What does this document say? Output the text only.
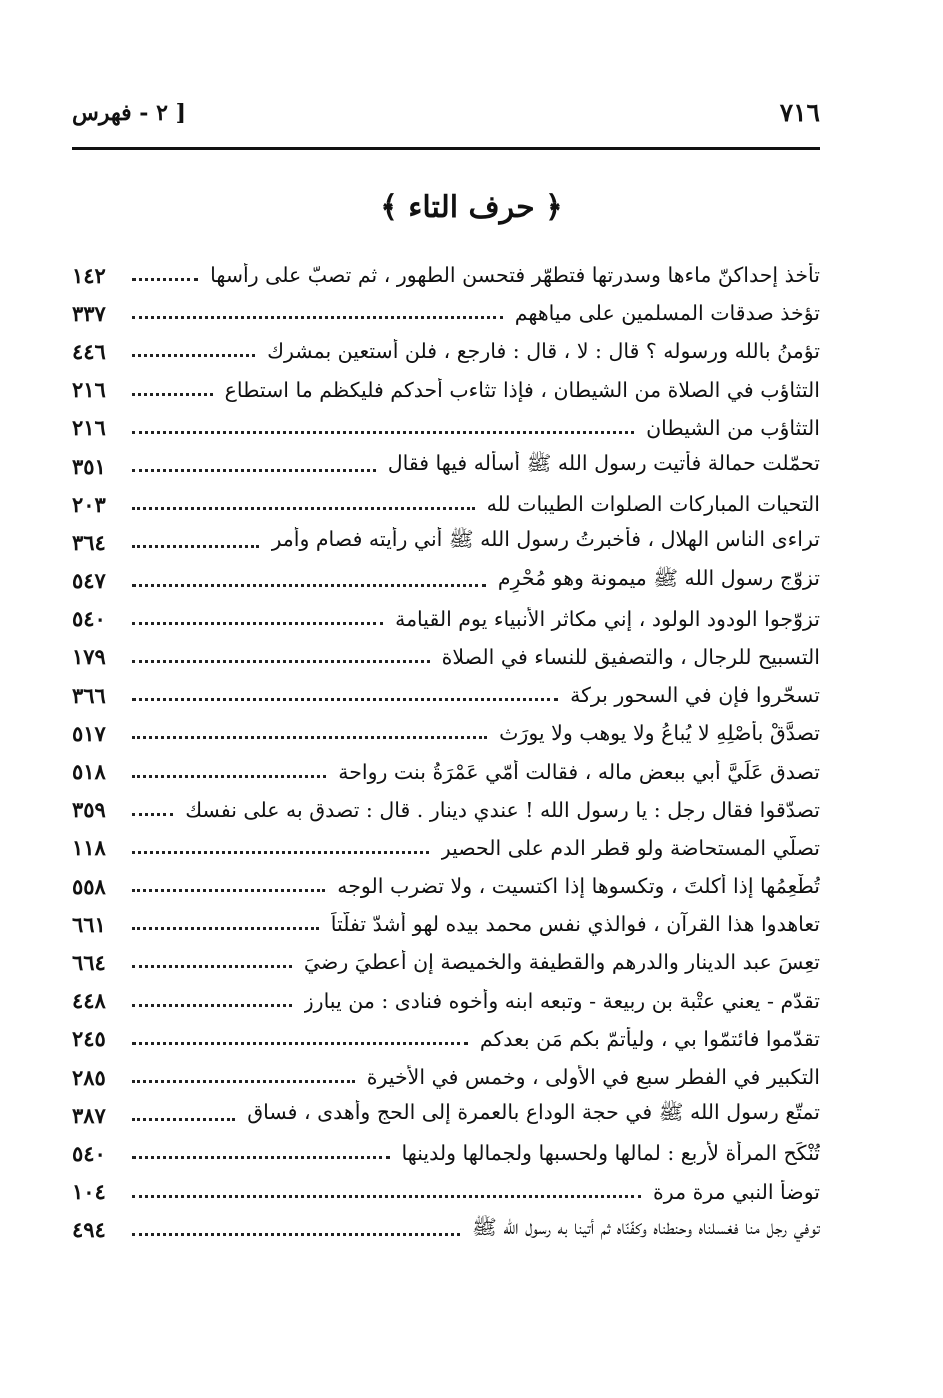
٧١٦
[ ٢ - فهرس
﴿ حرف التاء ﴾
تأخذ إحداكنّ ماءها وسدرتها فتطهّر فتحسن الطهور ، ثم تصبّ على رأسها
١٤٢
تؤخذ صدقات المسلمين على مياههم
٣٣٧
تؤمنُ بالله ورسوله ؟ قال : لا ، قال : فارجع ، فلن أستعين بمشرك
٤٤٦
التثاؤب في الصلاة من الشيطان ، فإذا تثاءب أحدكم فليكظم ما استطاع
٢١٦
التثاؤب من الشيطان
٢١٦
تحمّلت حمالة فأتيت رسول الله ﷺ أسأله فيها فقال
٣٥١
التحيات المباركات الصلوات الطيبات لله
٢٠٣
تراءى الناس الهلال ، فأخبرتُ رسول الله ﷺ أني رأيته فصام وأمر
٣٦٤
تزوّج رسول الله ﷺ ميمونة وهو مُحْرِم
٥٤٧
تزوّجوا الودود الولود ، إني مكاثر الأنبياء يوم القيامة
٥٤٠
التسبيح للرجال ، والتصفيق للنساء في الصلاة
١٧٩
تسحّروا فإن في السحور بركة
٣٦٦
تصدَّقْ بأَصْلِهِ لا يُباعُ ولا يوهب ولا يورَث
٥١٧
تصدق عَلَيَّ أبي ببعض ماله ، فقالت أمّي عَمْرَةُ بنت رواحة
٥١٨
تصدّقوا فقال رجل : يا رسول الله ! عندي دينار . قال : تصدق به على نفسك
٣٥٩
تصلّي المستحاضة ولو قطر الدم على الحصير
١١٨
تُطْعِمُها إذا أكلتَ ، وتكسوها إذا اكتسيت ، ولا تضرب الوجه
٥٥٨
تعاهدوا هذا القرآن ، فوالذي نفس محمد بيده لهو أشدّ تفلّتاً
٦٦١
تعِسَ عبد الدينار والدرهم والقطيفة والخميصة إن أُعطيَ رضيَ
٦٦٤
تقدّم - يعني عتْبة بن ربيعة - وتبعه ابنه وأخوه فنادى : من يبارز
٤٤٨
تقدّموا فائتمّوا بي ، وليأتمّ بكم مَن بعدكم
٢٤٥
التكبير في الفطر سبع في الأولى ، وخمس في الأخيرة
٢٨٥
تمتّع رسول الله ﷺ في حجة الوداع بالعمرة إلى الحج وأهدى ، فساق
٣٨٧
تُنْكَح المرأة لأربع : لمالها ولحسبها ولجمالها ولدينها
٥٤٠
توضأ النبي مرة مرة
١٠٤
توفي رجل منا فغسلناه وحنطناه وكفّنّاه ثم أتينا به رسول الله ﷺ
٤٩٤
